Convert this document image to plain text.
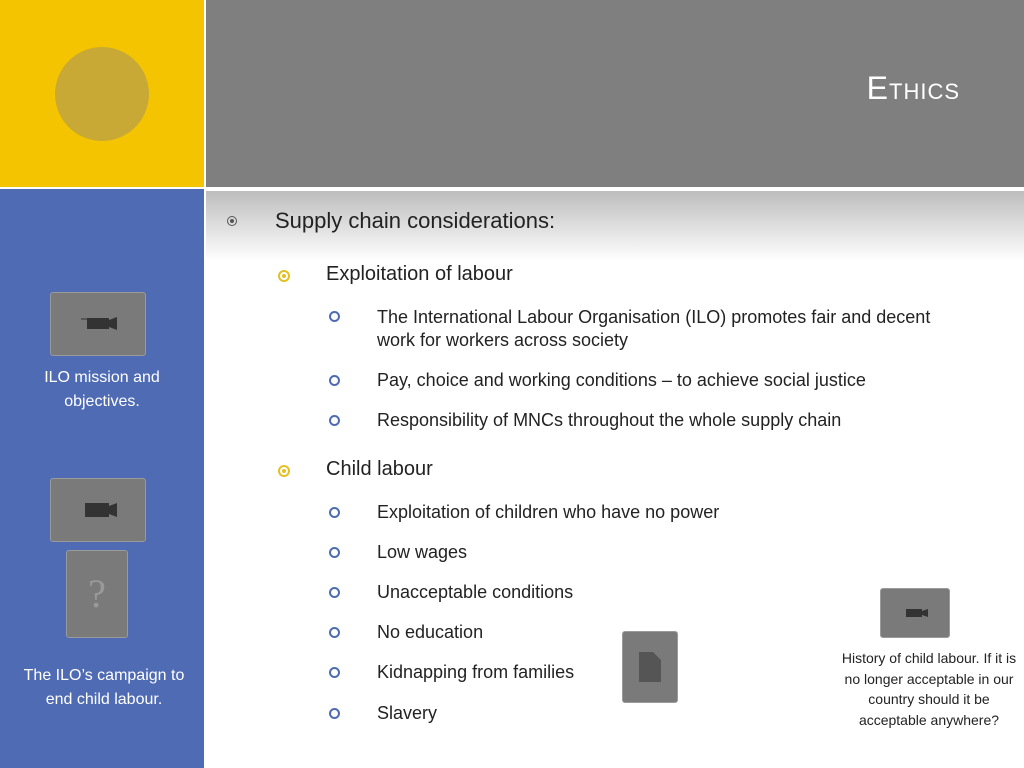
Ethics
ILO mission and objectives.
?
The ILO’s campaign to end child labour.
Supply chain considerations:
Exploitation of labour
The International Labour Organisation (ILO) promotes fair and decent work for workers across society
Pay, choice and working conditions – to achieve social justice
Responsibility of MNCs throughout the whole supply chain
Child labour
Exploitation of children who have no power
Low wages
Unacceptable conditions
No education
Kidnapping from families
Slavery
History of child labour. If it is no longer acceptable in our country should it be acceptable anywhere?
